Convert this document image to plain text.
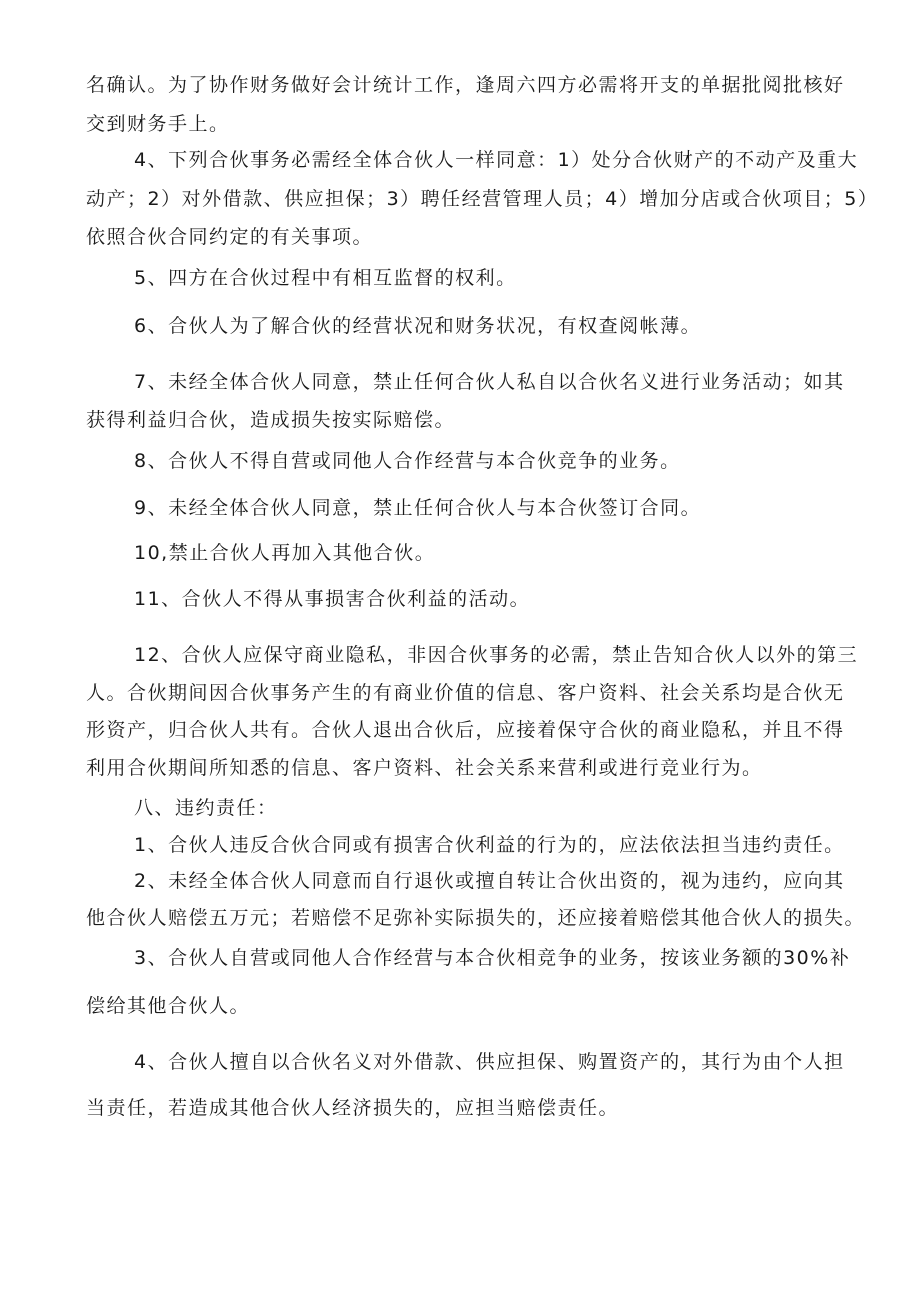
名确认。为了协作财务做好会计统计工作，逢周六四方必需将开支的单据批阅批核好
交到财务手上。
4、下列合伙事务必需经全体合伙人一样同意：1）处分合伙财产的不动产及重大
动产；2）对外借款、供应担保；3）聘任经营管理人员；4）增加分店或合伙项目；5）
依照合伙合同约定的有关事项。
5、四方在合伙过程中有相互监督的权利。
6、合伙人为了解合伙的经营状况和财务状况，有权查阅帐薄。
7、未经全体合伙人同意，禁止任何合伙人私自以合伙名义进行业务活动；如其
获得利益归合伙，造成损失按实际赔偿。
8、合伙人不得自营或同他人合作经营与本合伙竞争的业务。
9、未经全体合伙人同意，禁止任何合伙人与本合伙签订合同。
10,禁止合伙人再加入其他合伙。
11、合伙人不得从事损害合伙利益的活动。
12、合伙人应保守商业隐私，非因合伙事务的必需，禁止告知合伙人以外的第三
人。合伙期间因合伙事务产生的有商业价值的信息、客户资料、社会关系均是合伙无
形资产，归合伙人共有。合伙人退出合伙后，应接着保守合伙的商业隐私，并且不得
利用合伙期间所知悉的信息、客户资料、社会关系来营利或进行竞业行为。
八、违约责任：
1、合伙人违反合伙合同或有损害合伙利益的行为的，应法依法担当违约责任。
2、未经全体合伙人同意而自行退伙或擅自转让合伙出资的，视为违约，应向其
他合伙人赔偿五万元；若赔偿不足弥补实际损失的，还应接着赔偿其他合伙人的损失。
3、合伙人自营或同他人合作经营与本合伙相竞争的业务，按该业务额的30%补
偿给其他合伙人。
4、合伙人擅自以合伙名义对外借款、供应担保、购置资产的，其行为由个人担
当责任，若造成其他合伙人经济损失的，应担当赔偿责任。
